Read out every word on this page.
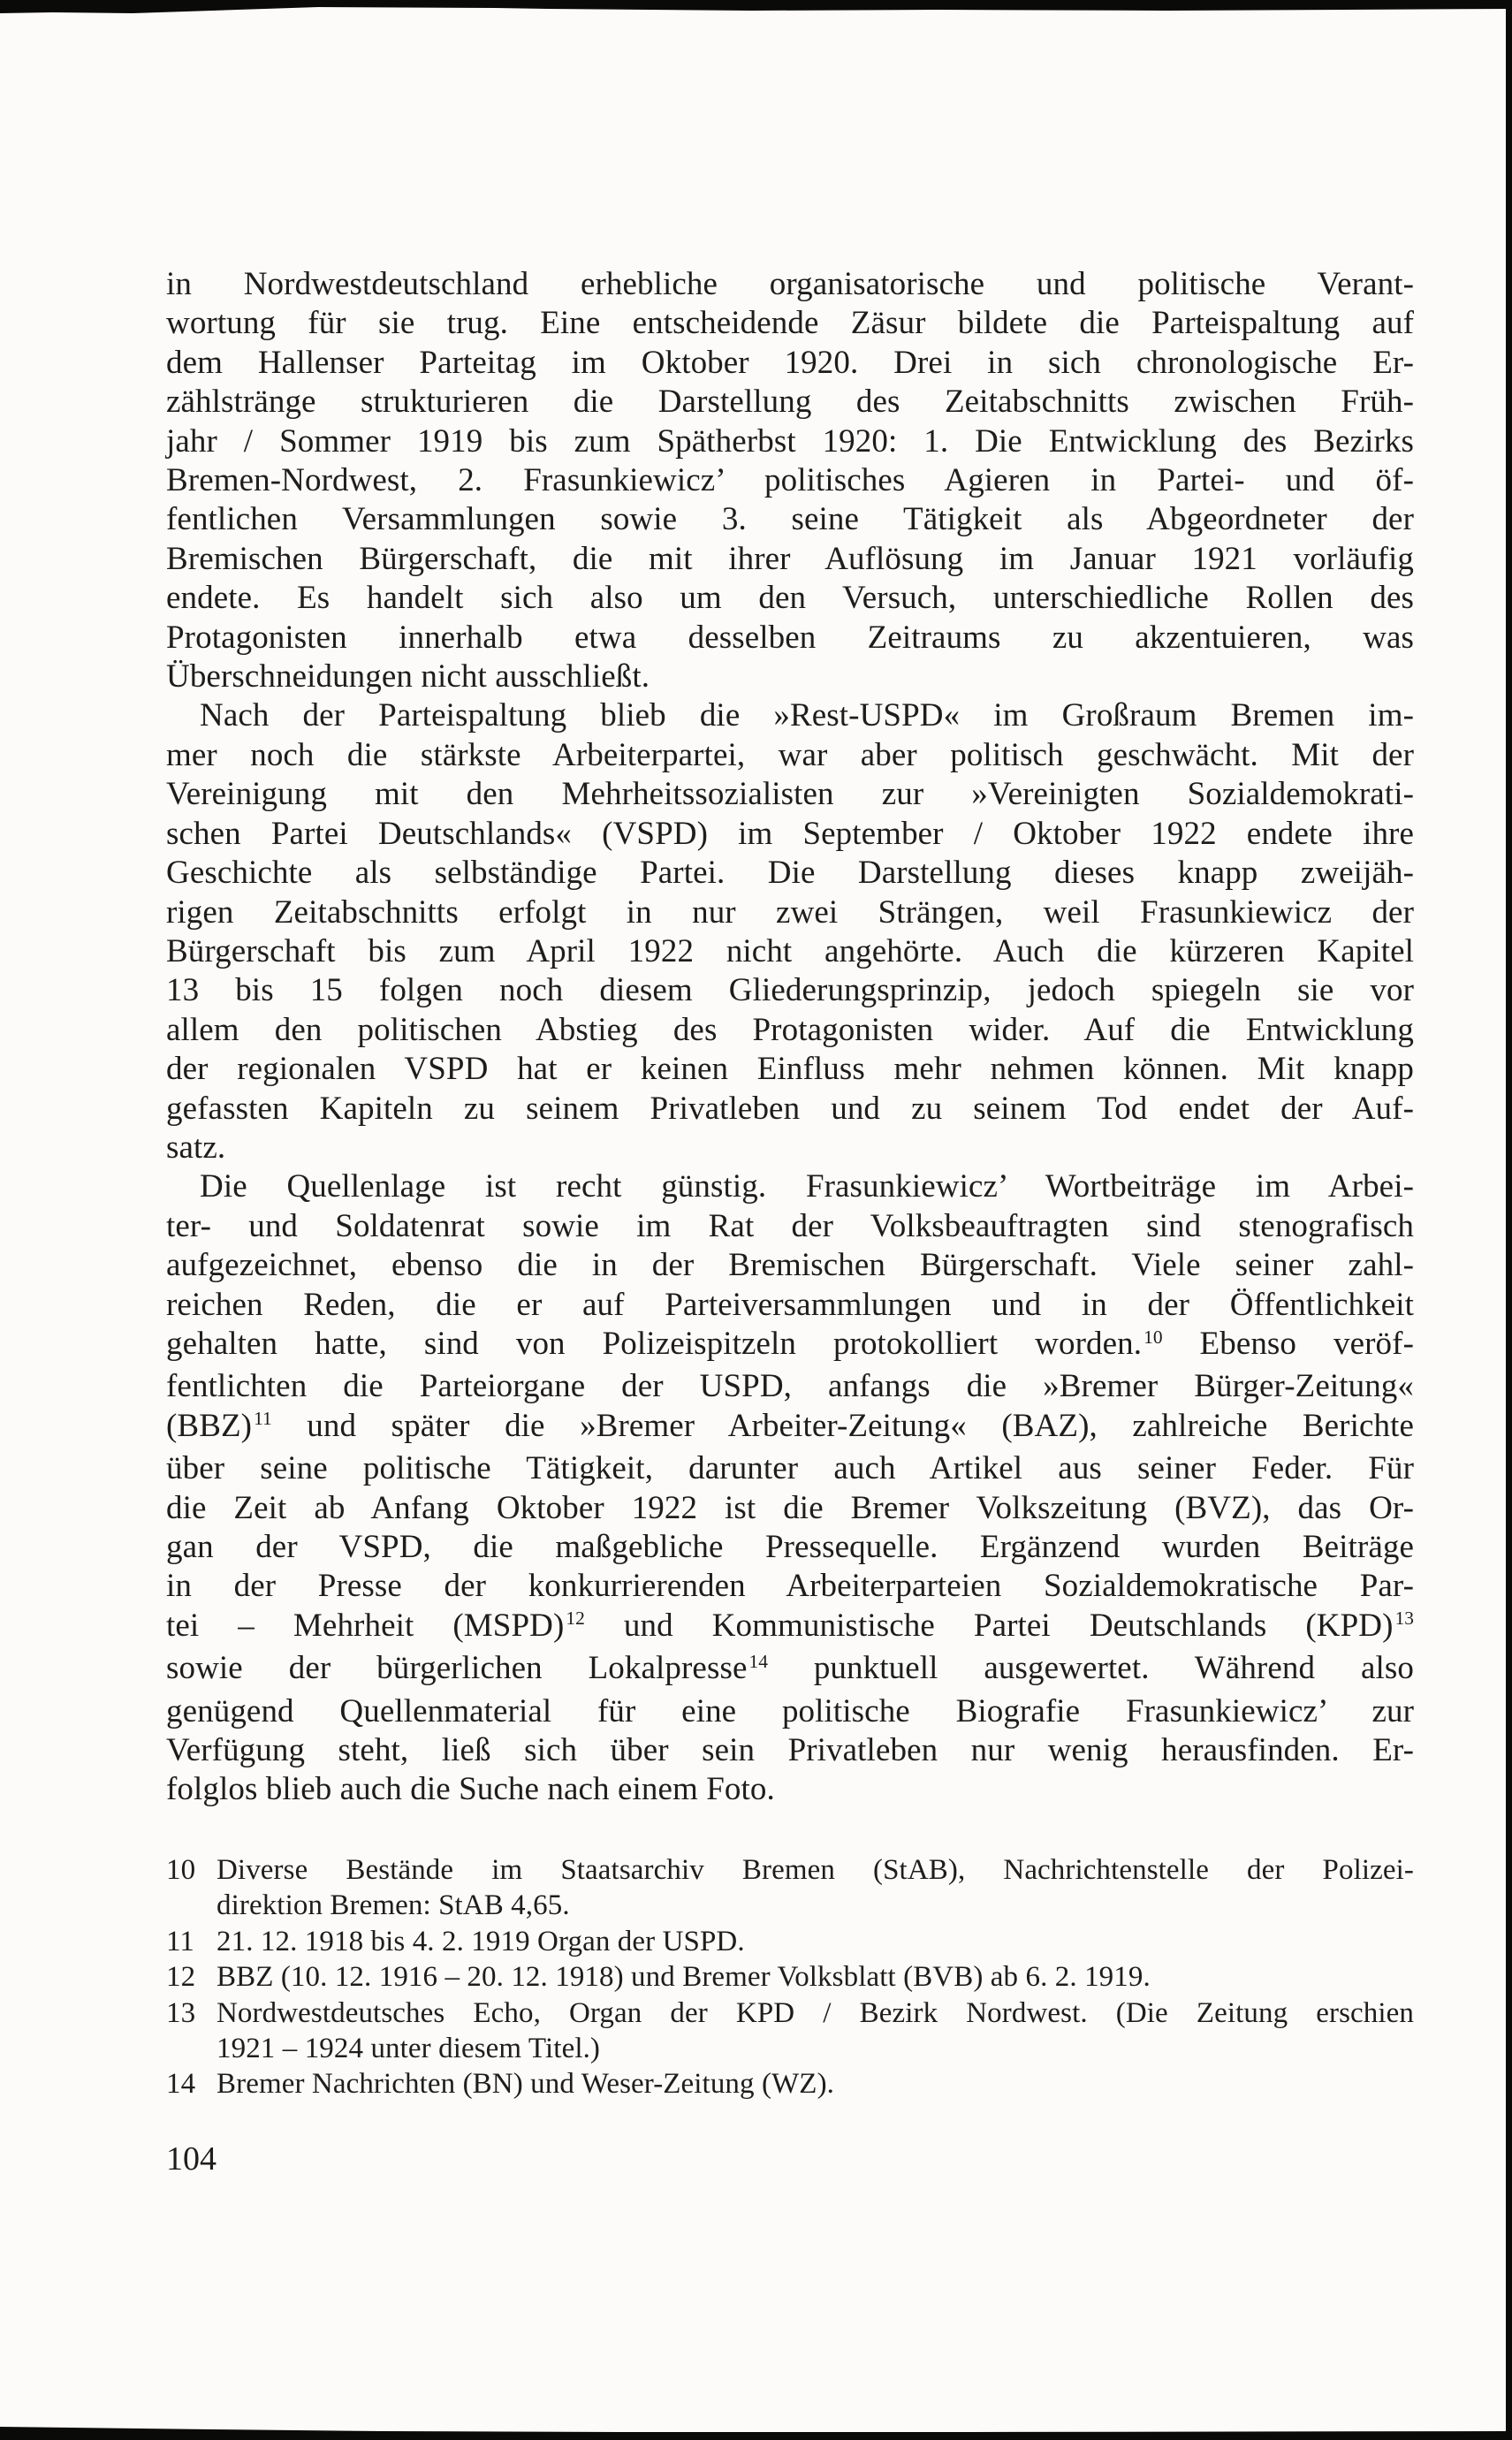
in Nordwestdeutschland erhebliche organisatorische und politische Verant-
wortung für sie trug. Eine entscheidende Zäsur bildete die Parteispaltung auf
dem Hallenser Parteitag im Oktober 1920. Drei in sich chronologische Er-
zählstränge strukturieren die Darstellung des Zeitabschnitts zwischen Früh-
jahr / Sommer 1919 bis zum Spätherbst 1920: 1. Die Entwicklung des Bezirks
Bremen-Nordwest, 2. Frasunkiewicz’ politisches Agieren in Partei- und öf-
fentlichen Versammlungen sowie 3. seine Tätigkeit als Abgeordneter der
Bremischen Bürgerschaft, die mit ihrer Auflösung im Januar 1921 vorläufig
endete. Es handelt sich also um den Versuch, unterschiedliche Rollen des
Protagonisten innerhalb etwa desselben Zeitraums zu akzentuieren, was
Überschneidungen nicht ausschließt.
Nach der Parteispaltung blieb die »Rest-USPD« im Großraum Bremen im-
mer noch die stärkste Arbeiterpartei, war aber politisch geschwächt. Mit der
Vereinigung mit den Mehrheitssozialisten zur »Vereinigten Sozialdemokrati-
schen Partei Deutschlands« (VSPD) im September / Oktober 1922 endete ihre
Geschichte als selbständige Partei. Die Darstellung dieses knapp zweijäh-
rigen Zeitabschnitts erfolgt in nur zwei Strängen, weil Frasunkiewicz der
Bürgerschaft bis zum April 1922 nicht angehörte. Auch die kürzeren Kapitel
13 bis 15 folgen noch diesem Gliederungsprinzip, jedoch spiegeln sie vor
allem den politischen Abstieg des Protagonisten wider. Auf die Entwicklung
der regionalen VSPD hat er keinen Einfluss mehr nehmen können. Mit knapp
gefassten Kapiteln zu seinem Privatleben und zu seinem Tod endet der Auf-
satz.
Die Quellenlage ist recht günstig. Frasunkiewicz’ Wortbeiträge im Arbei-
ter- und Soldatenrat sowie im Rat der Volksbeauftragten sind stenografisch
aufgezeichnet, ebenso die in der Bremischen Bürgerschaft. Viele seiner zahl-
reichen Reden, die er auf Parteiversammlungen und in der Öffentlichkeit
gehalten hatte, sind von Polizeispitzeln protokolliert worden.$^{10}$ Ebenso veröf-
fentlichten die Parteiorgane der USPD, anfangs die »Bremer Bürger-Zeitung«
(BBZ)$^{11}$ und später die »Bremer Arbeiter-Zeitung« (BAZ), zahlreiche Berichte
über seine politische Tätigkeit, darunter auch Artikel aus seiner Feder. Für
die Zeit ab Anfang Oktober 1922 ist die Bremer Volkszeitung (BVZ), das Or-
gan der VSPD, die maßgebliche Pressequelle. Ergänzend wurden Beiträge
in der Presse der konkurrierenden Arbeiterparteien Sozialdemokratische Par-
tei – Mehrheit (MSPD)$^{12}$ und Kommunistische Partei Deutschlands (KPD)$^{13}$
sowie der bürgerlichen Lokalpresse$^{14}$ punktuell ausgewertet. Während also
genügend Quellenmaterial für eine politische Biografie Frasunkiewicz’ zur
Verfügung steht, ließ sich über sein Privatleben nur wenig herausfinden. Er-
folglos blieb auch die Suche nach einem Foto.
10 Diverse Bestände im Staatsarchiv Bremen (StAB), Nachrichtenstelle der Polizei-
direktion Bremen: StAB 4,65.
11 21. 12. 1918 bis 4. 2. 1919 Organ der USPD.
12 BBZ (10. 12. 1916 – 20. 12. 1918) und Bremer Volksblatt (BVB) ab 6. 2. 1919.
13 Nordwestdeutsches Echo, Organ der KPD / Bezirk Nordwest. (Die Zeitung erschien
1921 – 1924 unter diesem Titel.)
14 Bremer Nachrichten (BN) und Weser-Zeitung (WZ).
104
